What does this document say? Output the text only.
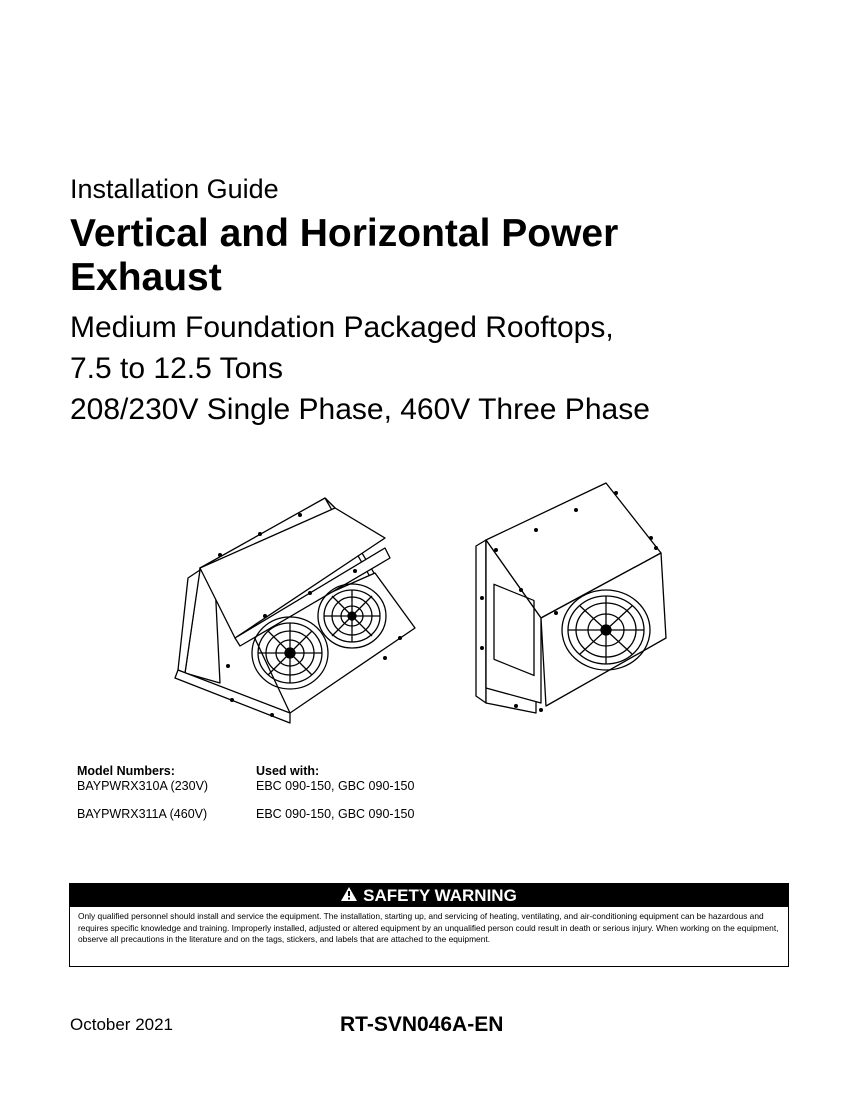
Installation Guide
Vertical and Horizontal Power Exhaust
Medium Foundation Packaged Rooftops,
7.5 to 12.5 Tons
208/230V Single Phase, 460V Three Phase
Model Numbers:	Used with:
BAYPWRX310A (230V)	EBC 090-150, GBC 090-150
BAYPWRX311A (460V)	EBC 090-150, GBC 090-150
SAFETY WARNING
Only qualified personnel should install and service the equipment. The installation, starting up, and servicing of heating, ventilating, and air-conditioning equipment can be hazardous and requires specific knowledge and training. Improperly installed, adjusted or altered equipment by an unqualified person could result in death or serious injury. When working on the equipment, observe all precautions in the literature and on the tags, stickers, and labels that are attached to the equipment.
October 2021	RT-SVN046A-EN
